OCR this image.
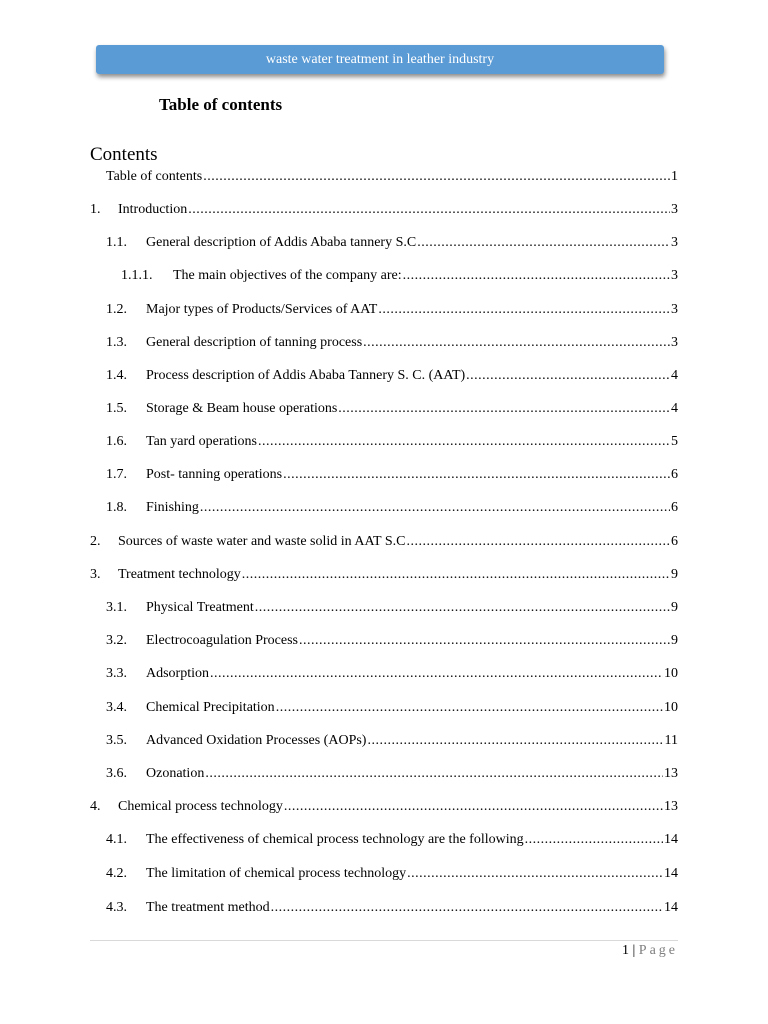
waste water treatment in leather industry
Table of contents
Contents
Table of contents .....	1
1. Introduction .....	3
1.1. General description of Addis Ababa tannery S.C .....	3
1.1.1. The main objectives of the company are: .....	3
1.2. Major types of Products/Services of AAT .....	3
1.3. General description of tanning process .....	3
1.4. Process description of Addis Ababa Tannery S. C. (AAT) .....	4
1.5. Storage & Beam house operations .....	4
1.6. Tan yard operations .....	5
1.7. Post- tanning operations .....	6
1.8. Finishing .....	6
2. Sources of waste water and waste solid in AAT S.C .....	6
3. Treatment technology .....	9
3.1. Physical Treatment .....	9
3.2. Electrocoagulation Process .....	9
3.3. Adsorption .....	10
3.4. Chemical Precipitation .....	10
3.5. Advanced Oxidation Processes (AOPs) .....	11
3.6. Ozonation .....	13
4. Chemical process technology .....	13
4.1. The effectiveness of chemical process technology are the following .....	14
4.2. The limitation of chemical process technology .....	14
4.3. The treatment method .....	14
1 | Page
